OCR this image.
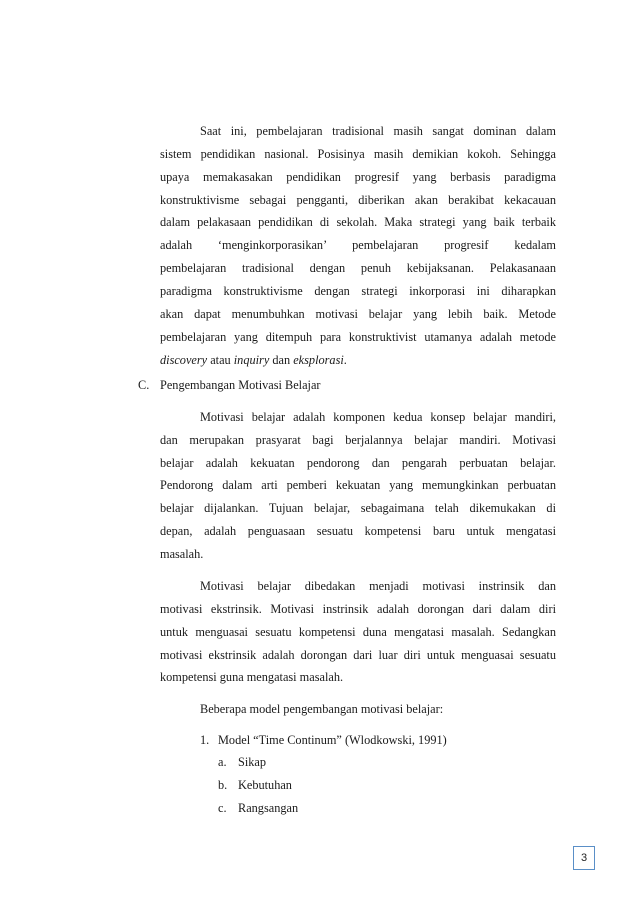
Saat ini, pembelajaran tradisional masih sangat dominan dalam
sistem pendidikan nasional. Posisinya masih demikian kokoh. Sehingga
upaya memakasakan pendidikan progresif yang berbasis paradigma
konstruktivisme sebagai pengganti, diberikan akan berakibat kekacauan
dalam pelakasaan pendidikan di sekolah. Maka strategi yang baik terbaik
adalah ‘menginkorporasikan’ pembelajaran progresif kedalam
pembelajaran tradisional dengan penuh kebijaksanan. Pelakasanaan
paradigma konstruktivisme dengan strategi inkorporasi ini diharapkan
akan dapat menumbuhkan motivasi belajar yang lebih baik. Metode
pembelajaran yang ditempuh para konstruktivist utamanya adalah metode
discovery atau inquiry dan eksplorasi.
C. Pengembangan Motivasi Belajar
Motivasi belajar adalah komponen kedua konsep belajar mandiri,
dan merupakan prasyarat bagi berjalannya belajar mandiri. Motivasi
belajar adalah kekuatan pendorong dan pengarah perbuatan belajar.
Pendorong dalam arti pemberi kekuatan yang memungkinkan perbuatan
belajar dijalankan. Tujuan belajar, sebagaimana telah dikemukakan di
depan, adalah penguasaan sesuatu kompetensi baru untuk mengatasi
masalah.
Motivasi belajar dibedakan menjadi motivasi instrinsik dan
motivasi ekstrinsik. Motivasi instrinsik adalah dorongan dari dalam diri
untuk menguasai sesuatu kompetensi duna mengatasi masalah. Sedangkan
motivasi ekstrinsik adalah dorongan dari luar diri untuk menguasai sesuatu
kompetensi guna mengatasi masalah.
Beberapa model pengembangan motivasi belajar:
1. Model “Time Continum” (Wlodkowski, 1991)
a. Sikap
b. Kebutuhan
c. Rangsangan
3
